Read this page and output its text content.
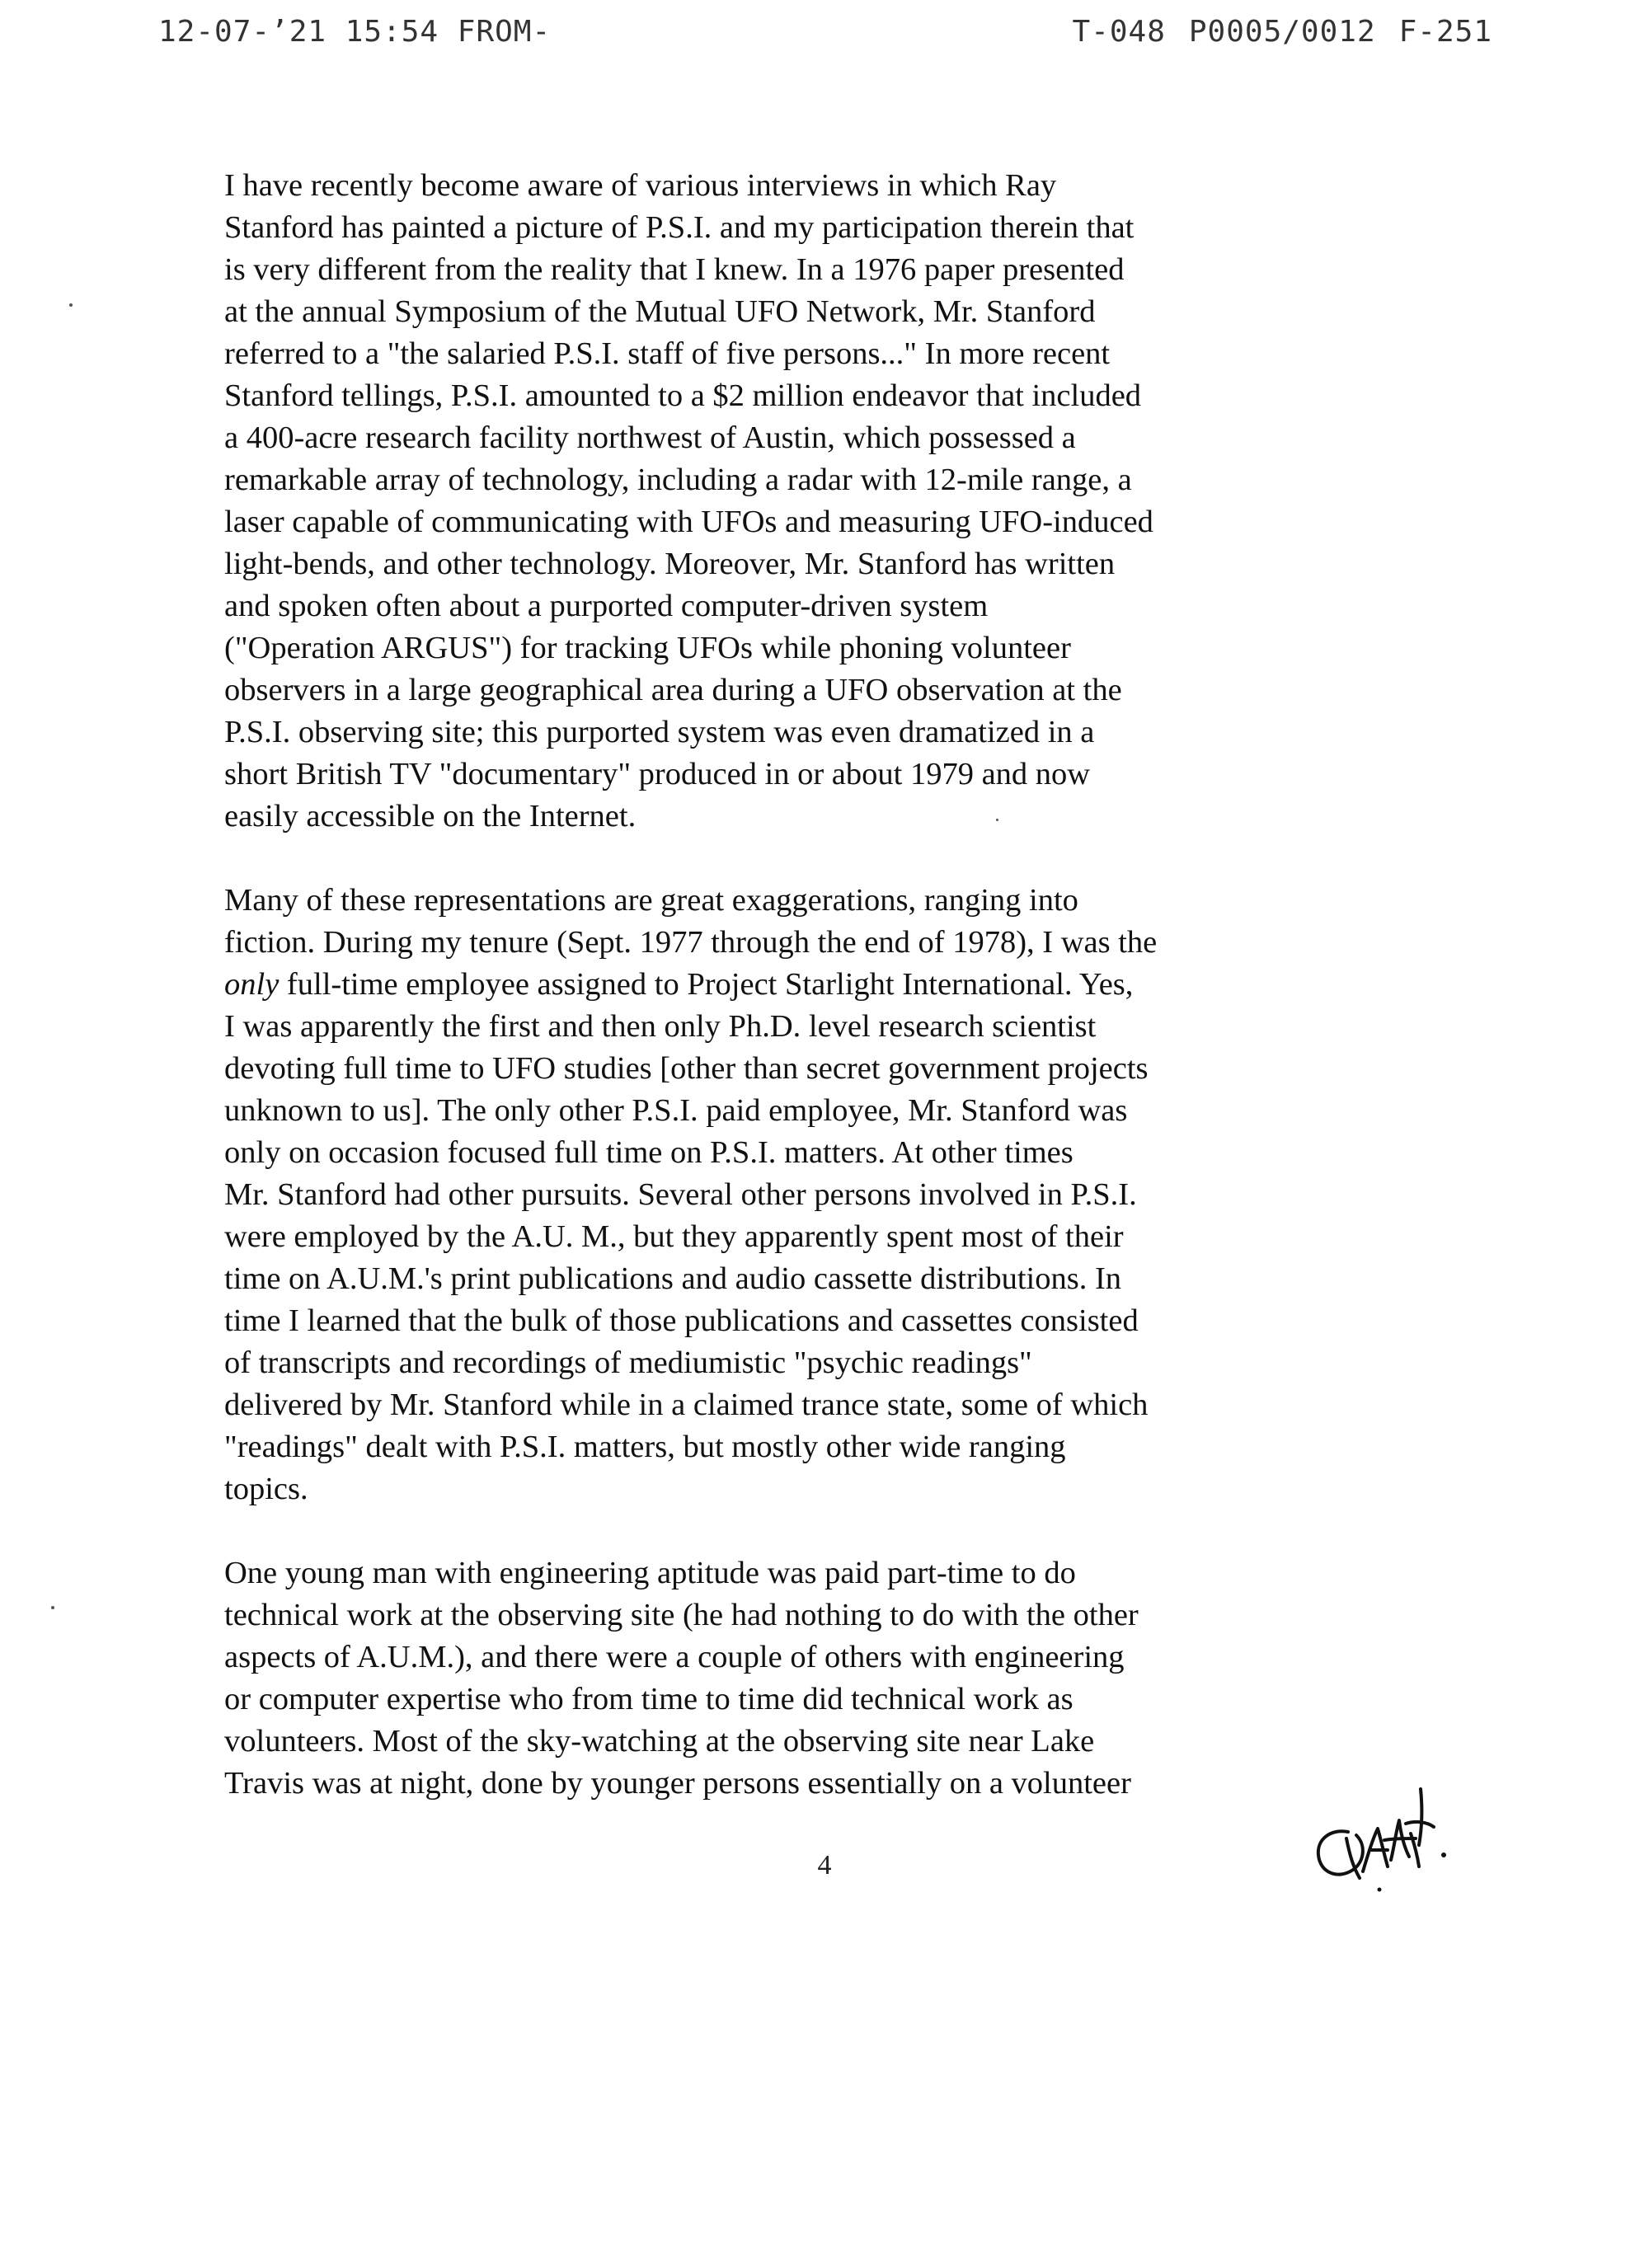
12-07-’21 15:54 FROM-	T-048 P0005/0012 F-251
I have recently become aware of various interviews in which Ray
Stanford has painted a picture of P.S.I. and my participation therein that
is very different from the reality that I knew. In a 1976 paper presented
at the annual Symposium of the Mutual UFO Network, Mr. Stanford
referred to a "the salaried P.S.I. staff of five persons..." In more recent
Stanford tellings, P.S.I. amounted to a $2 million endeavor that included
a 400-acre research facility northwest of Austin, which possessed a
remarkable array of technology, including a radar with 12-mile range, a
laser capable of communicating with UFOs and measuring UFO-induced
light-bends, and other technology. Moreover, Mr. Stanford has written
and spoken often about a purported computer-driven system
("Operation ARGUS") for tracking UFOs while phoning volunteer
observers in a large geographical area during a UFO observation at the
P.S.I. observing site; this purported system was even dramatized in a
short British TV "documentary" produced in or about 1979 and now
easily accessible on the Internet.
Many of these representations are great exaggerations, ranging into
fiction. During my tenure (Sept. 1977 through the end of 1978), I was the
only full-time employee assigned to Project Starlight International. Yes,
I was apparently the first and then only Ph.D. level research scientist
devoting full time to UFO studies [other than secret government projects
unknown to us]. The only other P.S.I. paid employee, Mr. Stanford was
only on occasion focused full time on P.S.I. matters. At other times
Mr. Stanford had other pursuits. Several other persons involved in P.S.I.
were employed by the A.U. M., but they apparently spent most of their
time on A.U.M.'s print publications and audio cassette distributions. In
time I learned that the bulk of those publications and cassettes consisted
of transcripts and recordings of mediumistic "psychic readings"
delivered by Mr. Stanford while in a claimed trance state, some of which
"readings" dealt with P.S.I. matters, but mostly other wide ranging
topics.
One young man with engineering aptitude was paid part-time to do
technical work at the observing site (he had nothing to do with the other
aspects of A.U.M.), and there were a couple of others with engineering
or computer expertise who from time to time did technical work as
volunteers. Most of the sky-watching at the observing site near Lake
Travis was at night, done by younger persons essentially on a volunteer
4
